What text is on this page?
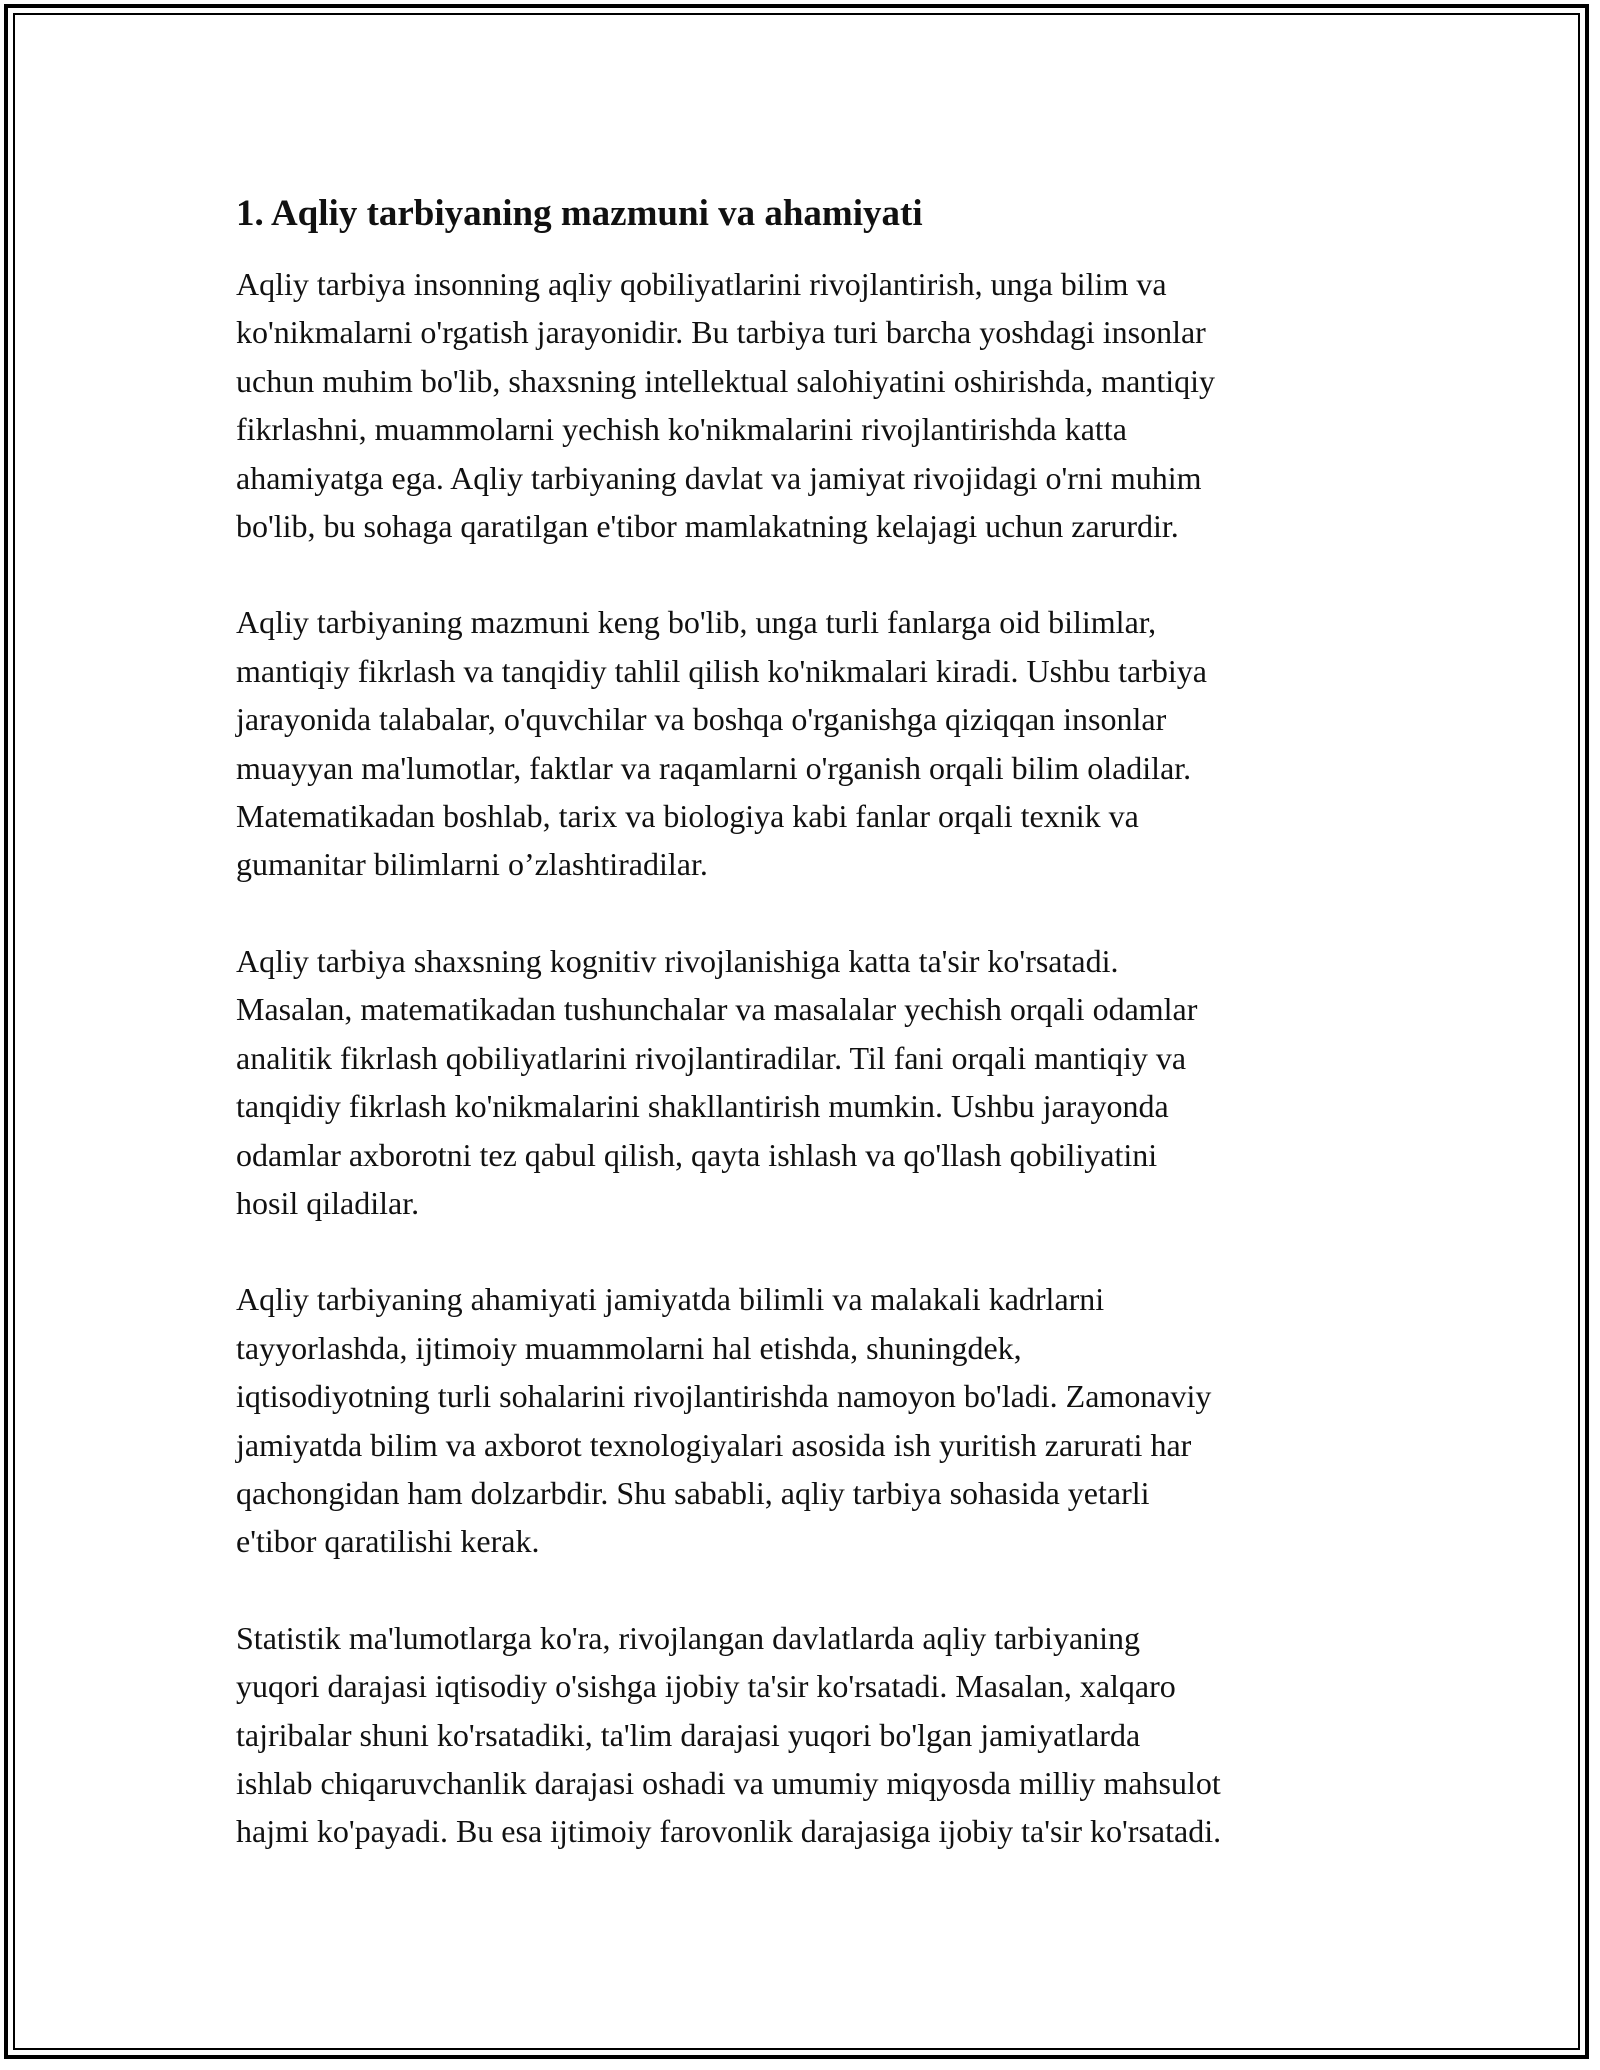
1. Aqliy tarbiyaning mazmuni va ahamiyati

Aqliy tarbiya insonning aqliy qobiliyatlarini rivojlantirish, unga bilim va
ko'nikmalarni o'rgatish jarayonidir. Bu tarbiya turi barcha yoshdagi insonlar
uchun muhim bo'lib, shaxsning intellektual salohiyatini oshirishda, mantiqiy
fikrlashni, muammolarni yechish ko'nikmalarini rivojlantirishda katta
ahamiyatga ega. Aqliy tarbiyaning davlat va jamiyat rivojidagi o'rni muhim
bo'lib, bu sohaga qaratilgan e'tibor mamlakatning kelajagi uchun zarurdir.

Aqliy tarbiyaning mazmuni keng bo'lib, unga turli fanlarga oid bilimlar,
mantiqiy fikrlash va tanqidiy tahlil qilish ko'nikmalari kiradi. Ushbu tarbiya
jarayonida talabalar, o'quvchilar va boshqa o'rganishga qiziqqan insonlar
muayyan ma'lumotlar, faktlar va raqamlarni o'rganish orqali bilim oladilar.
Matematikadan boshlab, tarix va biologiya kabi fanlar orqali texnik va
gumanitar bilimlarni o’zlashtiradilar.

Aqliy tarbiya shaxsning kognitiv rivojlanishiga katta ta'sir ko'rsatadi.
Masalan, matematikadan tushunchalar va masalalar yechish orqali odamlar
analitik fikrlash qobiliyatlarini rivojlantiradilar. Til fani orqali mantiqiy va
tanqidiy fikrlash ko'nikmalarini shakllantirish mumkin. Ushbu jarayonda
odamlar axborotni tez qabul qilish, qayta ishlash va qo'llash qobiliyatini
hosil qiladilar.

Aqliy tarbiyaning ahamiyati jamiyatda bilimli va malakali kadrlarni
tayyorlashda, ijtimoiy muammolarni hal etishda, shuningdek,
iqtisodiyotning turli sohalarini rivojlantirishda namoyon bo'ladi. Zamonaviy
jamiyatda bilim va axborot texnologiyalari asosida ish yuritish zarurati har
qachongidan ham dolzarbdir. Shu sababli, aqliy tarbiya sohasida yetarli
e'tibor qaratilishi kerak.

Statistik ma'lumotlarga ko'ra, rivojlangan davlatlarda aqliy tarbiyaning
yuqori darajasi iqtisodiy o'sishga ijobiy ta'sir ko'rsatadi. Masalan, xalqaro
tajribalar shuni ko'rsatadiki, ta'lim darajasi yuqori bo'lgan jamiyatlarda
ishlab chiqaruvchanlik darajasi oshadi va umumiy miqyosda milliy mahsulot
hajmi ko'payadi. Bu esa ijtimoiy farovonlik darajasiga ijobiy ta'sir ko'rsatadi.
